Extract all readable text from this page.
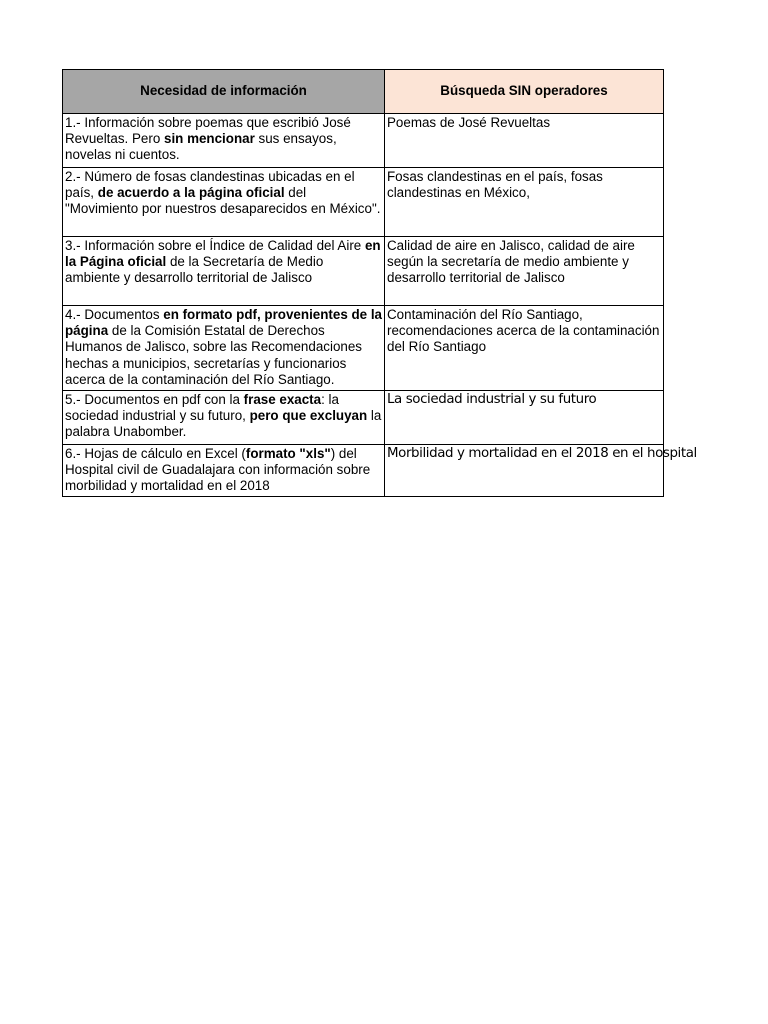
Necesidad de información	Búsqueda SIN operadores
1.- Información sobre poemas que escribió José Revueltas. Pero sin mencionar sus ensayos, novelas ni cuentos.	Poemas de José Revueltas
2.- Número de fosas clandestinas ubicadas en el país, de acuerdo a la página oficial del "Movimiento por nuestros desaparecidos en México".	Fosas clandestinas en el país, fosas clandestinas en México,
3.- Información sobre el Índice de Calidad del Aire en la Página oficial de la Secretaría de Medio ambiente y desarrollo territorial de Jalisco	Calidad de aire en Jalisco, calidad de aire según la secretaría de medio ambiente y desarrollo territorial de Jalisco
4.- Documentos en formato pdf, provenientes de la página de la Comisión Estatal de Derechos Humanos de Jalisco, sobre las Recomendaciones hechas a municipios, secretarías y funcionarios acerca de la contaminación del Río Santiago.	Contaminación del Río Santiago, recomendaciones acerca de la contaminación del Río Santiago
5.- Documentos en pdf con la frase exacta: la sociedad industrial y su futuro, pero que excluyan la palabra Unabomber.	La sociedad industrial y su futuro
6.- Hojas de cálculo en Excel (formato "xls") del Hospital civil de Guadalajara con información sobre morbilidad y mortalidad en el 2018	Morbilidad y mortalidad en el 2018 en el hospital
